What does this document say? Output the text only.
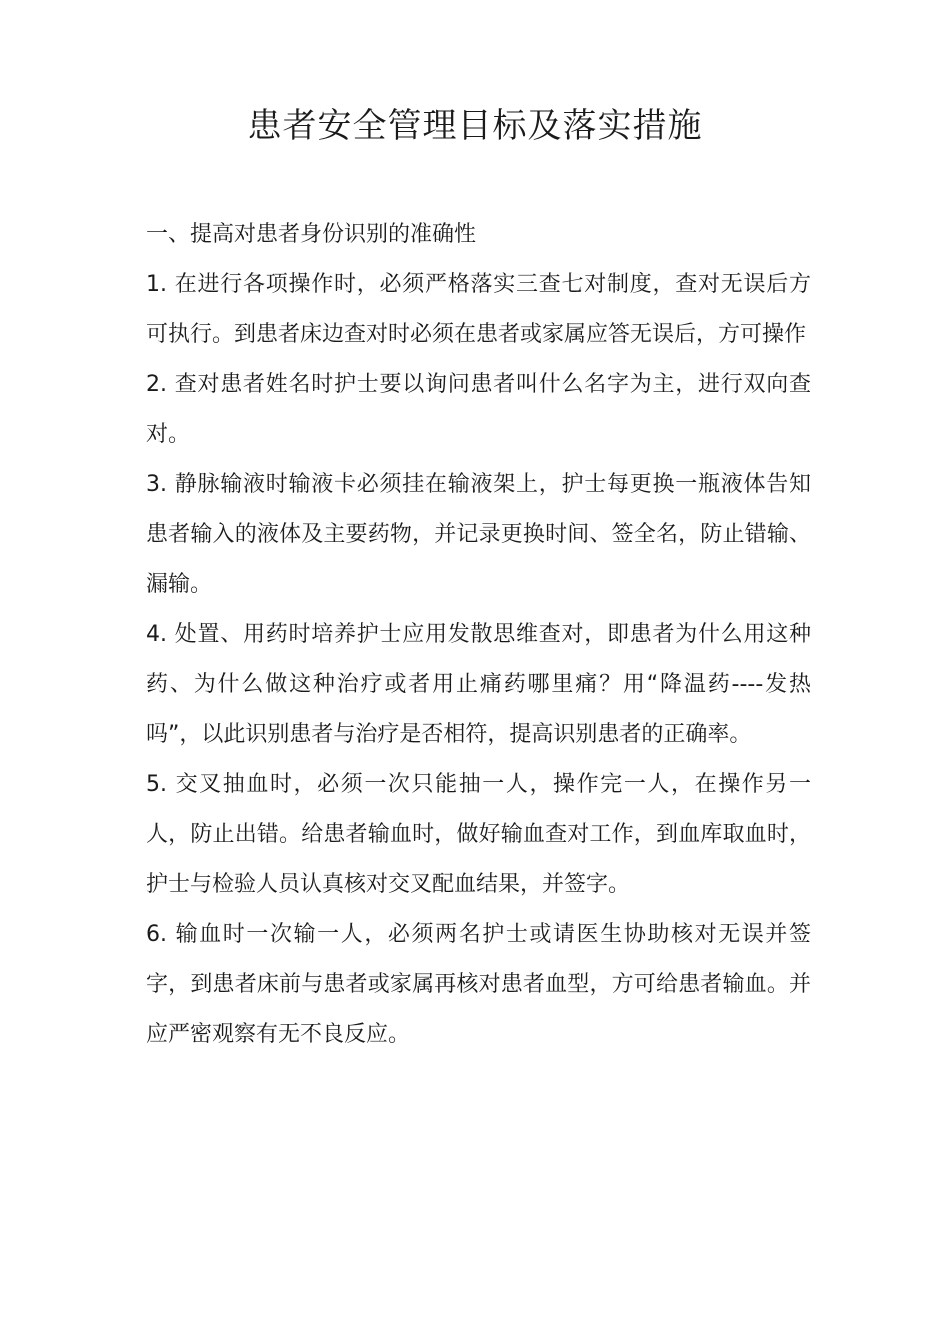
患者安全管理目标及落实措施
一、提高对患者身份识别的准确性

1. 在进行各项操作时，必须严格落实三查七对制度，查对无误后方可执行。到患者床边查对时必须在患者或家属应答无误后，方可操作

2. 查对患者姓名时护士要以询问患者叫什么名字为主，进行双向查对。

3. 静脉输液时输液卡必须挂在输液架上，护士每更换一瓶液体告知患者输入的液体及主要药物，并记录更换时间、签全名，防止错输、漏输。

4. 处置、用药时培养护士应用发散思维查对，即患者为什么用这种药、为什么做这种治疗或者用止痛药哪里痛？用“降温药----发热吗”，以此识别患者与治疗是否相符，提高识别患者的正确率。

5. 交叉抽血时，必须一次只能抽一人，操作完一人，在操作另一人，防止出错。给患者输血时，做好输血查对工作，到血库取血时，护士与检验人员认真核对交叉配血结果，并签字。

6. 输血时一次输一人，必须两名护士或请医生协助核对无误并签字，到患者床前与患者或家属再核对患者血型，方可给患者输血。并应严密观察有无不良反应。
